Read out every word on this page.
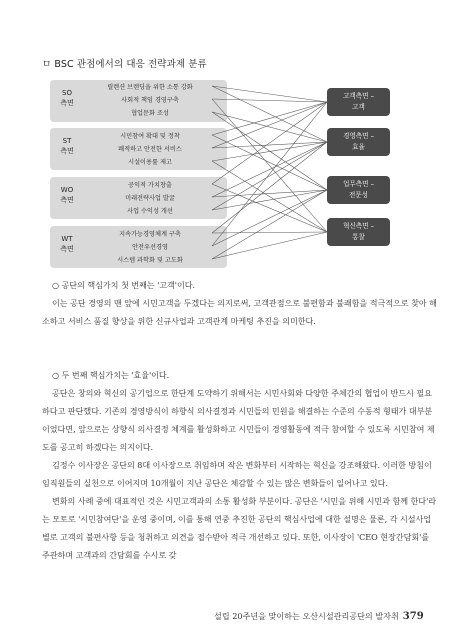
ㅁ BSC 관점에서의 대응 전략과제 분류
SO
측면
ST
측면
WO
측면
WT
측면
릴렌션 브랜딩을 위한 소통 강화
사회적 책임 경영구축
협업문화 조성
시민참여 확대 및 정착
쾌적하고 안전한 서비스
시설이용률 제고
공익적 가치창출
미래전략사업 발굴
사업 수익성 개선
지속가능경영체계 구축
안전우선경영
시스템 과학화 및 고도화
고객측면 –
고객
경영측면 –
효율
업무측면 –
전문성
혁신측면 –
통찰
○ 공단의 핵심가치 첫 번째는 '고객'이다.
이는 공단 경영의 맨 앞에 시민고객을 두겠다는 의지로써, 고객관점으로 불편함과 불쾌함을 적극적으로 찾아 해소하고 서비스 품질 향상을 위한 신규사업과 고객관계 마케팅 추진을 의미한다.
○ 두 번째 핵심가치는 '효율'이다.
공단은 창의와 혁신의 공기업으로 한단계 도약하기 위해서는 시민사회와 다양한 주체간의 협업이 반드시 필요하다고 판단했다. 기존의 경영방식이 하향식 의사결정과 시민들의 민원을 해결하는 수준의 수동적 형태가 대부분이었다면, 앞으로는 상향식 의사결정 체계를 활성화하고 시민들이 경영활동에 적극 참여할 수 있도록 시민참여 제도를 공고히 하겠다는 의지이다.
김정수 이사장은 공단의 8대 이사장으로 취임하며 작은 변화부터 시작하는 혁신을 강조해왔다. 이러한 방침이 임직원들의 실천으로 이어지며 10개월이 지난 공단은 체감할 수 있는 많은 변화들이 일어나고 있다.
변화의 사례 중에 대표적인 것은 시민고객과의 소통 활성화 부분이다. 공단은 '시민을 위해 시민과 함께 한다'라는 모토로 '시민참여단'을 운영 중이며, 이를 통해 연중 추진한 공단의 핵심사업에 대한 설명은 물론, 각 시설사업별로 고객의 불편사항 등을 청취하고 의견을 접수받아 적극 개선하고 있다. 또한, 이사장이 'CEO 현장간담회'를 주관하며 고객과의 간담회를 수시로 갖
설립 20주년을 맞이하는 오산시설관리공단의 발자취 379
